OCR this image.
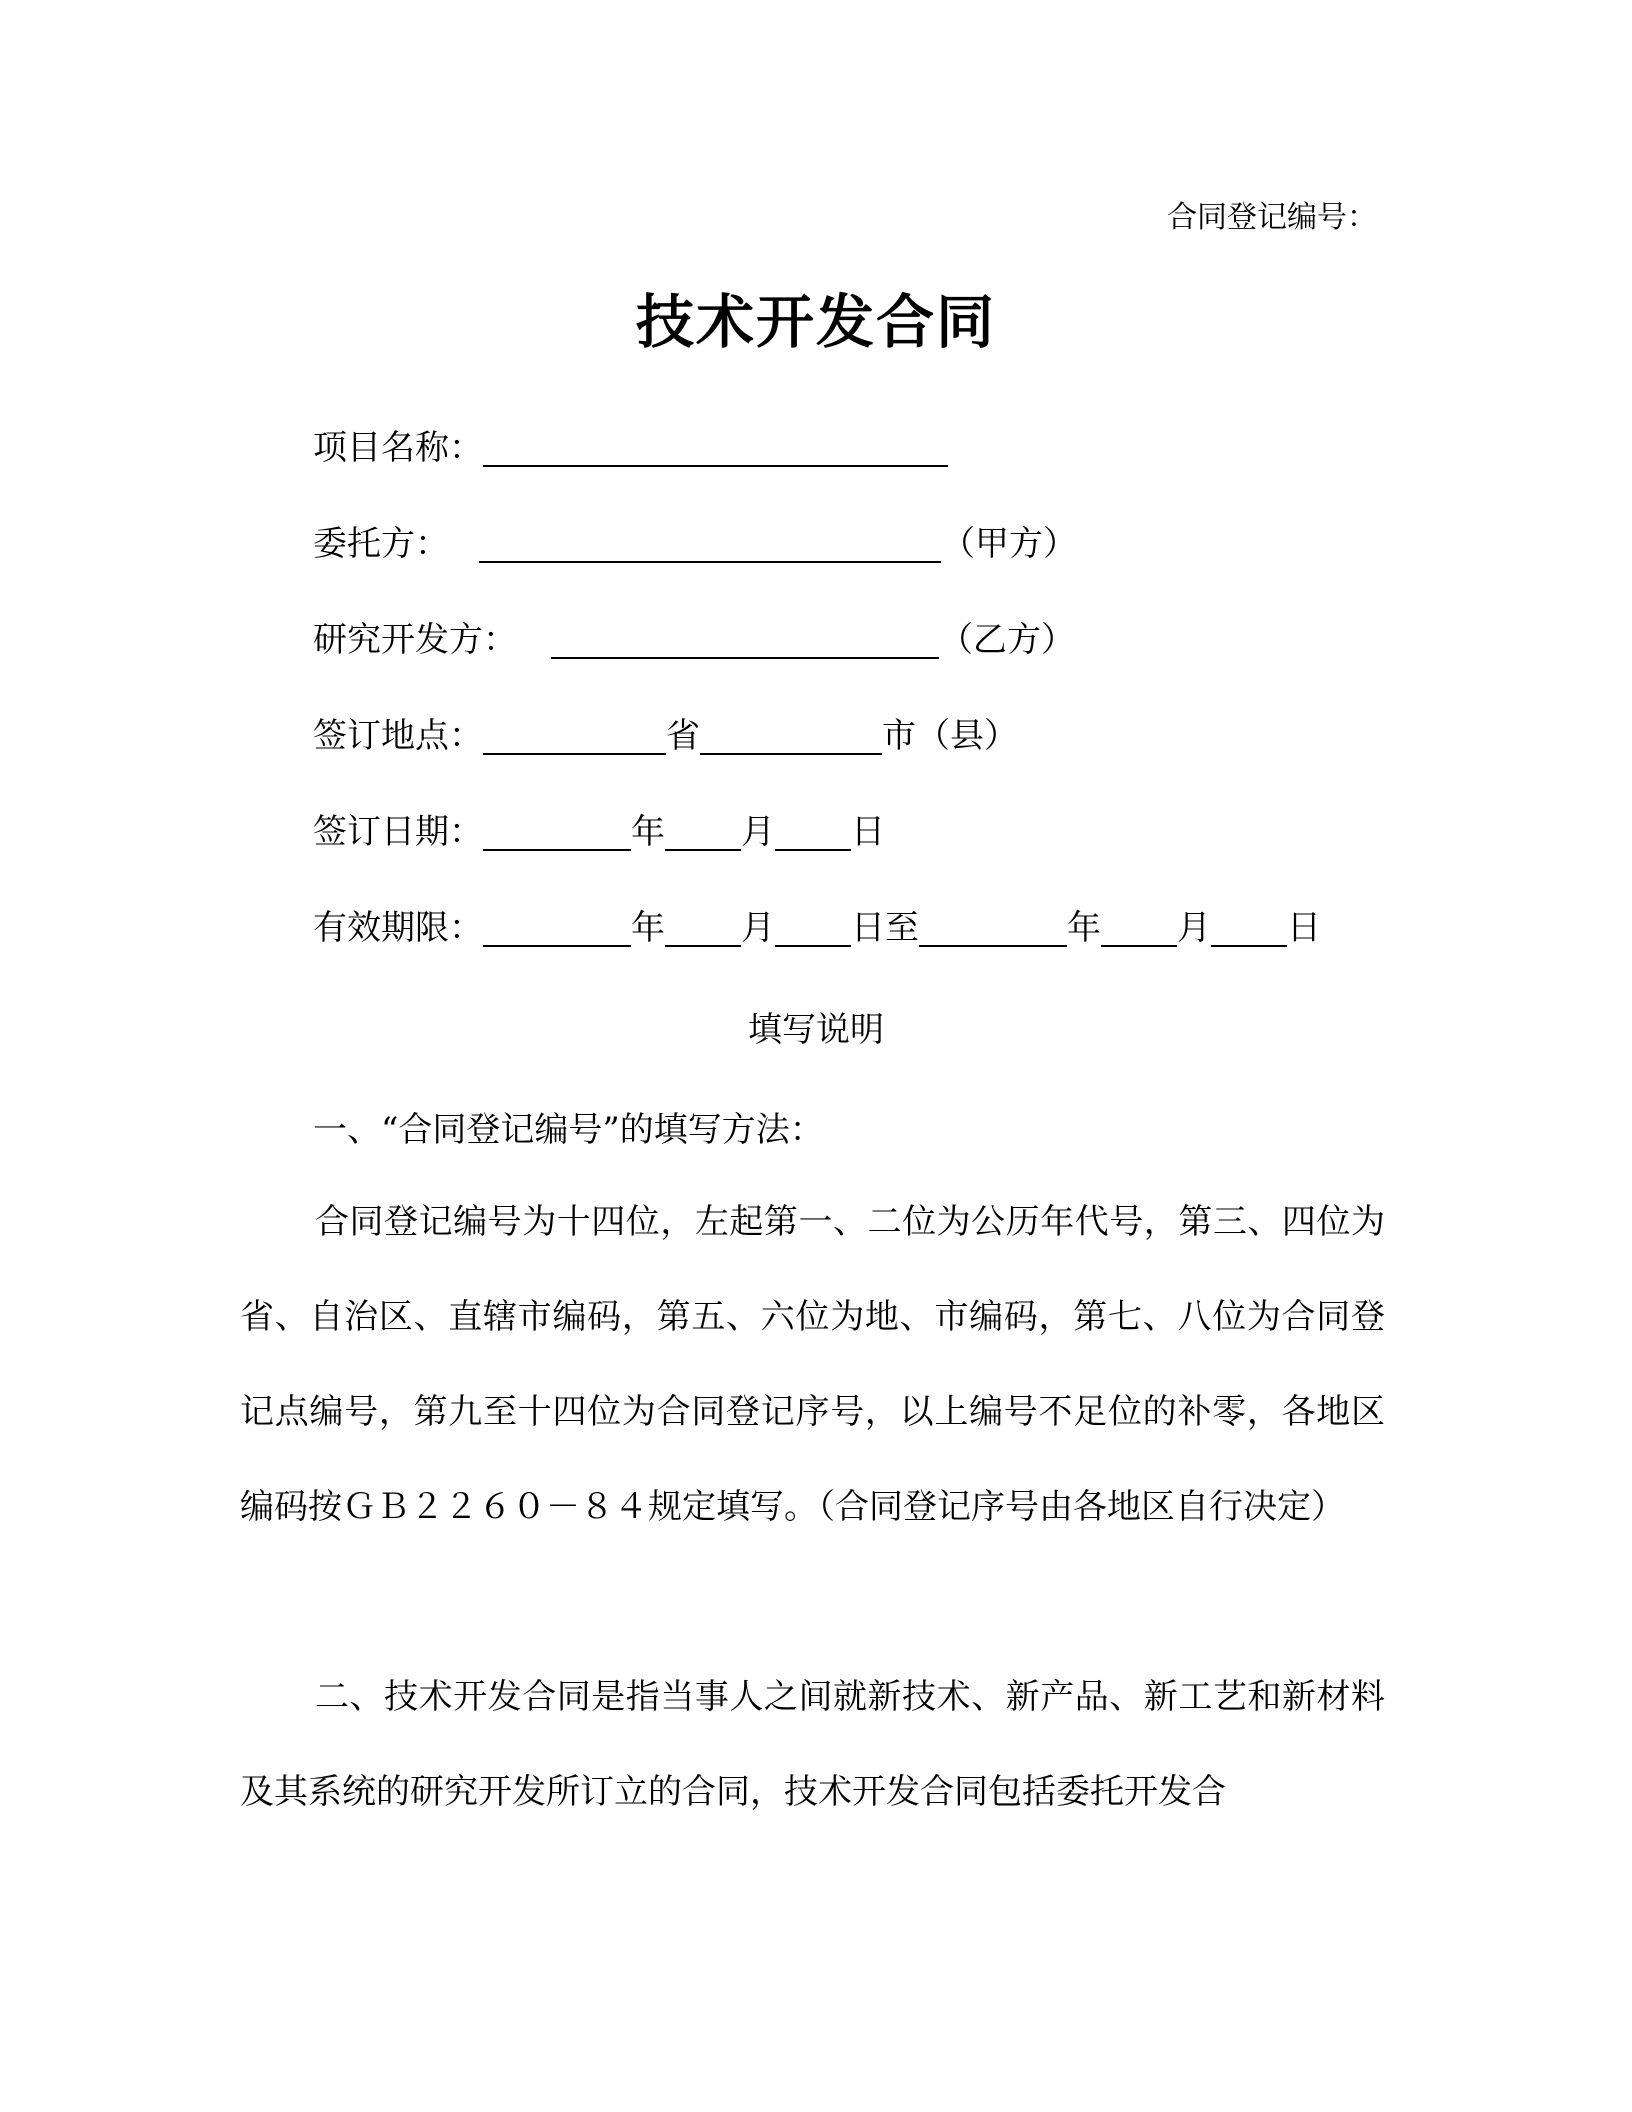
合同登记编号：
技术开发合同
项目名称：
委托方：	（甲方）
研究开发方：	（乙方）
签订地点：	省	市（县）
签订日期：	年 月 日
有效期限：	年 月 日至	年 月 日
填写说明
一、“合同登记编号”的填写方法：
合同登记编号为十四位，左起第一、二位为公历年代号，第三、四位为省、自治区、直辖市编码，第五、六位为地、市编码，第七、八位为合同登记点编号，第九至十四位为合同登记序号，以上编号不足位的补零，各地区编码按ＧＢ２２６０－８４规定填写。（合同登记序号由各地区自行决定）
二、技术开发合同是指当事人之间就新技术、新产品、新工艺和新材料及其系统的研究开发所订立的合同，技术开发合同包括委托开发合
